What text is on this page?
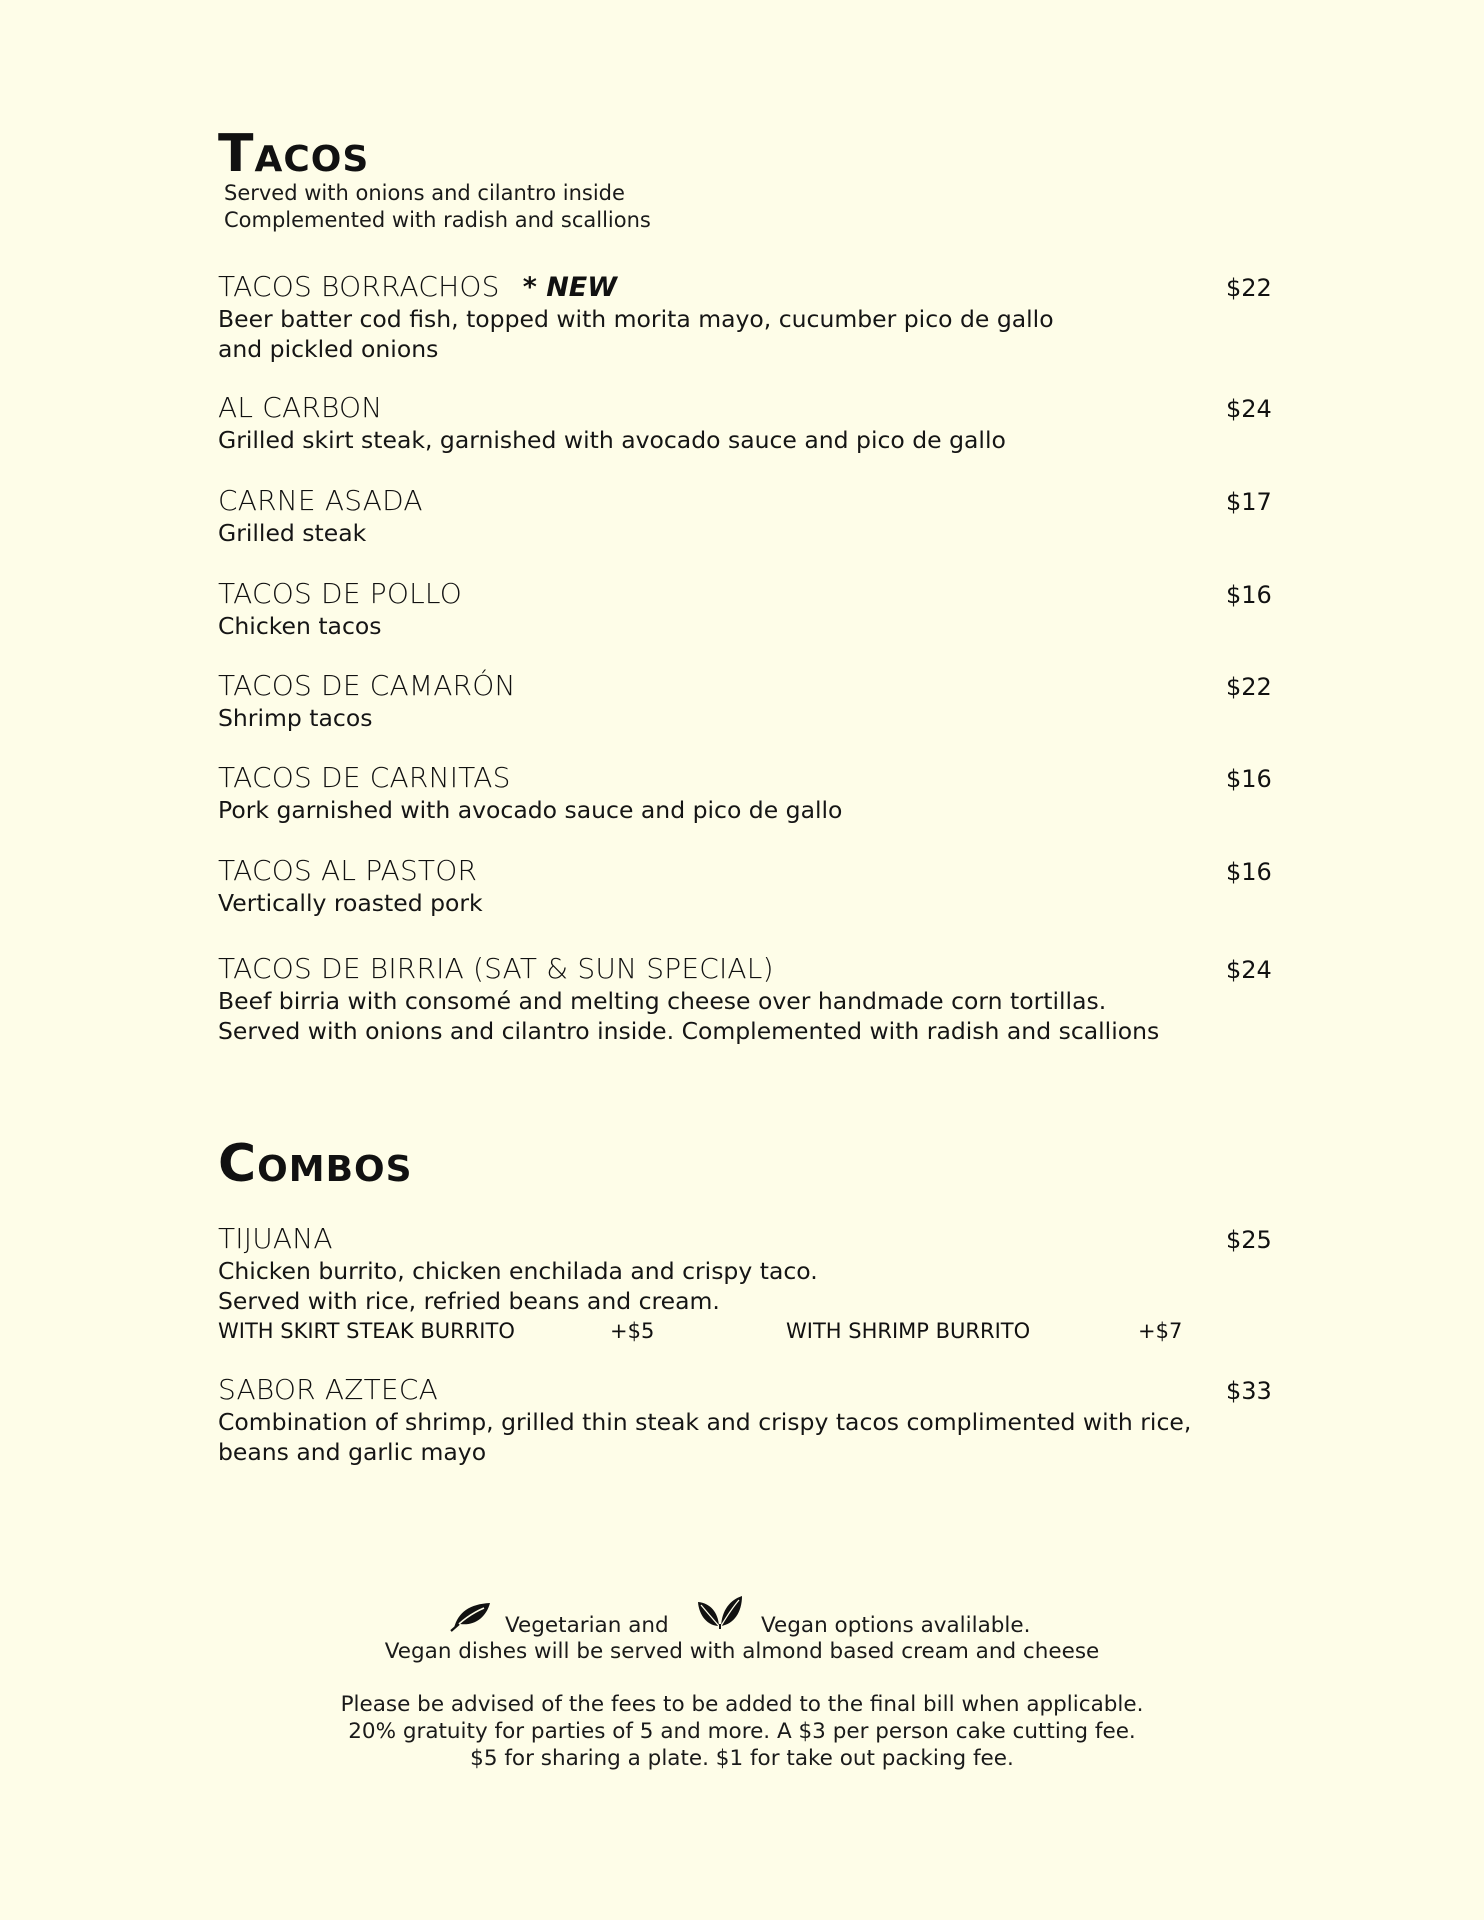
Tacos
Served with onions and cilantro inside
Complemented with radish and scallions
TACOS BORRACHOS * NEW	$22
Beer batter cod fish, topped with morita mayo, cucumber pico de gallo
and pickled onions
AL CARBON	$24
Grilled skirt steak, garnished with avocado sauce and pico de gallo
CARNE ASADA	$17
Grilled steak
TACOS DE POLLO	$16
Chicken tacos
TACOS DE CAMARÓN	$22
Shrimp tacos
TACOS DE CARNITAS	$16
Pork garnished with avocado sauce and pico de gallo
TACOS AL PASTOR	$16
Vertically roasted pork
TACOS DE BIRRIA (SAT & SUN SPECIAL)	$24
Beef birria with consomé and melting cheese over handmade corn tortillas.
Served with onions and cilantro inside. Complemented with radish and scallions
Combos
TIJUANA	$25
Chicken burrito, chicken enchilada and crispy taco.
Served with rice, refried beans and cream.
WITH SKIRT STEAK BURRITO	+$5	WITH SHRIMP BURRITO	+$7
SABOR AZTECA	$33
Combination of shrimp, grilled thin steak and crispy tacos complimented with rice,
beans and garlic mayo
Vegetarian and	Vegan options avalilable.
Vegan dishes will be served with almond based cream and cheese
Please be advised of the fees to be added to the final bill when applicable.
20% gratuity for parties of 5 and more. A $3 per person cake cutting fee.
$5 for sharing a plate. $1 for take out packing fee.
